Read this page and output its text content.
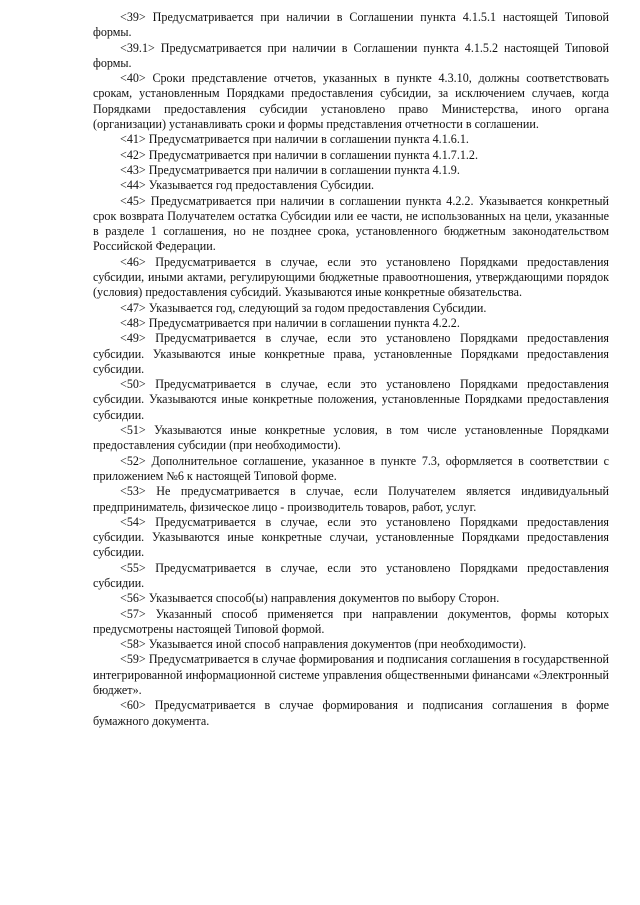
<39> Предусматривается при наличии в Соглашении пункта 4.1.5.1 настоящей Типовой формы.

<39.1> Предусматривается при наличии в Соглашении пункта 4.1.5.2 настоящей Типовой формы.

<40> Сроки представление отчетов, указанных в пункте 4.3.10, должны соответствовать срокам, установленным Порядками предоставления субсидии, за исключением случаев, когда Порядками предоставления субсидии установлено право Министерства, иного органа (организации) устанавливать сроки и формы представления отчетности в соглашении.

<41> Предусматривается при наличии в соглашении пункта 4.1.6.1.

<42> Предусматривается при наличии в соглашении пункта 4.1.7.1.2.

<43> Предусматривается при наличии в соглашении пункта 4.1.9.

<44> Указывается год предоставления Субсидии.

<45> Предусматривается при наличии в соглашении пункта 4.2.2. Указывается конкретный срок возврата Получателем остатка Субсидии или ее части, не использованных на цели, указанные в разделе 1 соглашения, но не позднее срока, установленного бюджетным законодательством Российской Федерации.

<46> Предусматривается в случае, если это установлено Порядками предоставления субсидии, иными актами, регулирующими бюджетные правоотношения, утверждающими порядок (условия) предоставления субсидий. Указываются иные конкретные обязательства.

<47> Указывается год, следующий за годом предоставления Субсидии.

<48> Предусматривается при наличии в соглашении пункта 4.2.2.

<49> Предусматривается в случае, если это установлено Порядками предоставления субсидии. Указываются иные конкретные права, установленные Порядками предоставления субсидии.

<50> Предусматривается в случае, если это установлено Порядками предоставления субсидии. Указываются иные конкретные положения, установленные Порядками предоставления субсидии.

<51> Указываются иные конкретные условия, в том числе установленные Порядками предоставления субсидии (при необходимости).

<52> Дополнительное соглашение, указанное в пункте 7.3, оформляется в соответствии с приложением №6 к настоящей Типовой форме.

<53> Не предусматривается в случае, если Получателем является индивидуальный предприниматель, физическое лицо - производитель товаров, работ, услуг.

<54> Предусматривается в случае, если это установлено Порядками предоставления субсидии. Указываются иные конкретные случаи, установленные Порядками предоставления субсидии.

<55> Предусматривается в случае, если это установлено Порядками предоставления субсидии.

<56> Указывается способ(ы) направления документов по выбору Сторон.

<57> Указанный способ применяется при направлении документов, формы которых предусмотрены настоящей Типовой формой.

<58> Указывается иной способ направления документов (при необходимости).

<59> Предусматривается в случае формирования и подписания соглашения в государственной интегрированной информационной системе управления общественными финансами «Электронный бюджет».

<60> Предусматривается в случае формирования и подписания соглашения в форме бумажного документа.
